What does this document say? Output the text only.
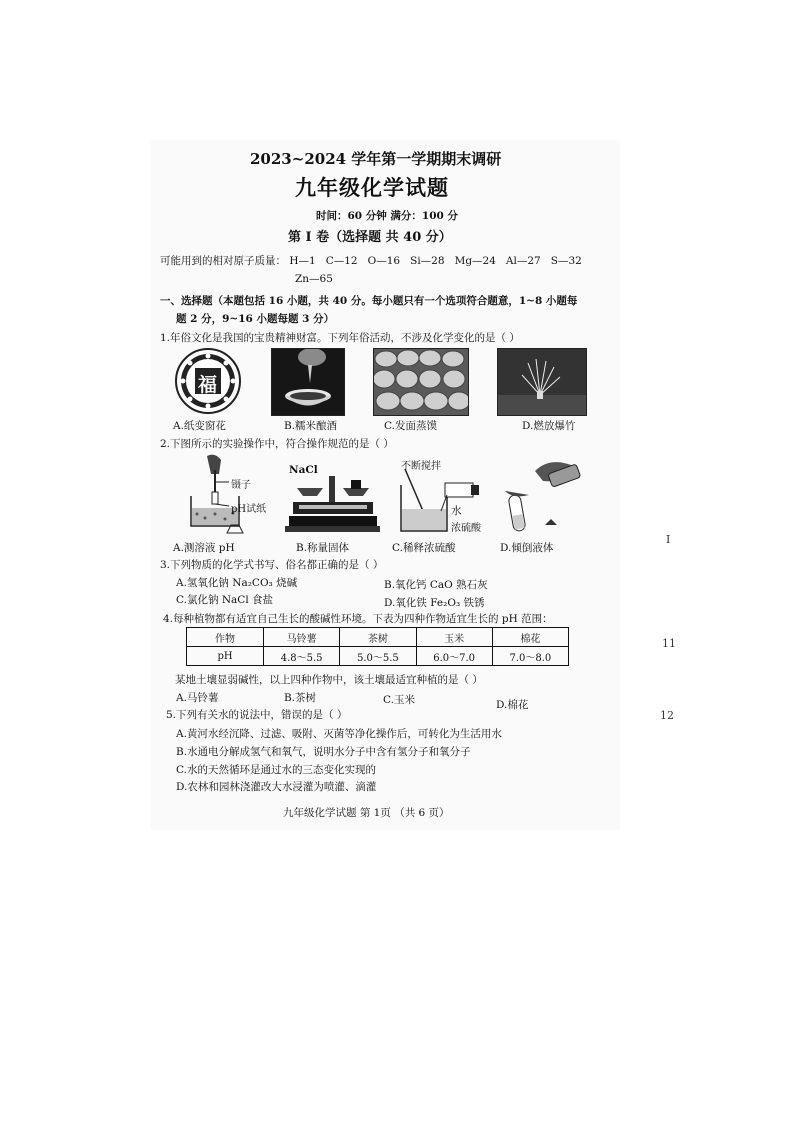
2023~2024 学年第一学期期末调研
九年级化学试题
时间：60 分钟 满分：100 分
第 I 卷（选择题 共 40 分）
可能用到的相对原子质量： H—1 C—12 O—16 Si—28 Mg—24 Al—27 S—32
Zn—65
一、选择题（本题包括 16 小题，共 40 分。每小题只有一个选项符合题意，1~8 小题每
题 2 分，9~16 小题每题 3 分）
1.年俗文化是我国的宝贵精神财富。下列年俗活动，不涉及化学变化的是（ ）
福
A.纸变窗花	B.糯米酿酒	C.发面蒸馍	D.燃放爆竹
2.下图所示的实验操作中，符合操作规范的是（ ）
镊子
pH试纸
NaCl	不断搅拌
水
浓硫酸
A.测溶液 pH	B.称量固体	C.稀释浓硫酸	D.倾倒液体
3.下列物质的化学式书写、俗名都正确的是（ ）
A.氢氧化钠 Na₂CO₃ 烧碱	B.氧化钙 CaO 熟石灰
C.氯化钠 NaCl 食盐	D.氧化铁 Fe₂O₃ 铁锈
4.每种植物都有适宜自己生长的酸碱性环境。下表为四种作物适宜生长的 pH 范围：
作物	马铃薯	茶树	玉米	棉花
pH	4.8～5.5	5.0～5.5	6.0～7.0	7.0～8.0
某地土壤显弱碱性，以上四种作物中，该土壤最适宜种植的是（ ）
A.马铃薯	B.茶树	C.玉米	D.棉花
5.下列有关水的说法中，错误的是（ ）
A.黄河水经沉降、过滤、吸附、灭菌等净化操作后，可转化为生活用水
B.水通电分解成氢气和氧气，说明水分子中含有氢分子和氧分子
C.水的天然循环是通过水的三态变化实现的
D.农林和园林浇灌改大水浸灌为喷灌、滴灌
九年级化学试题 第 1页 （共 6 页）
I
11
12
